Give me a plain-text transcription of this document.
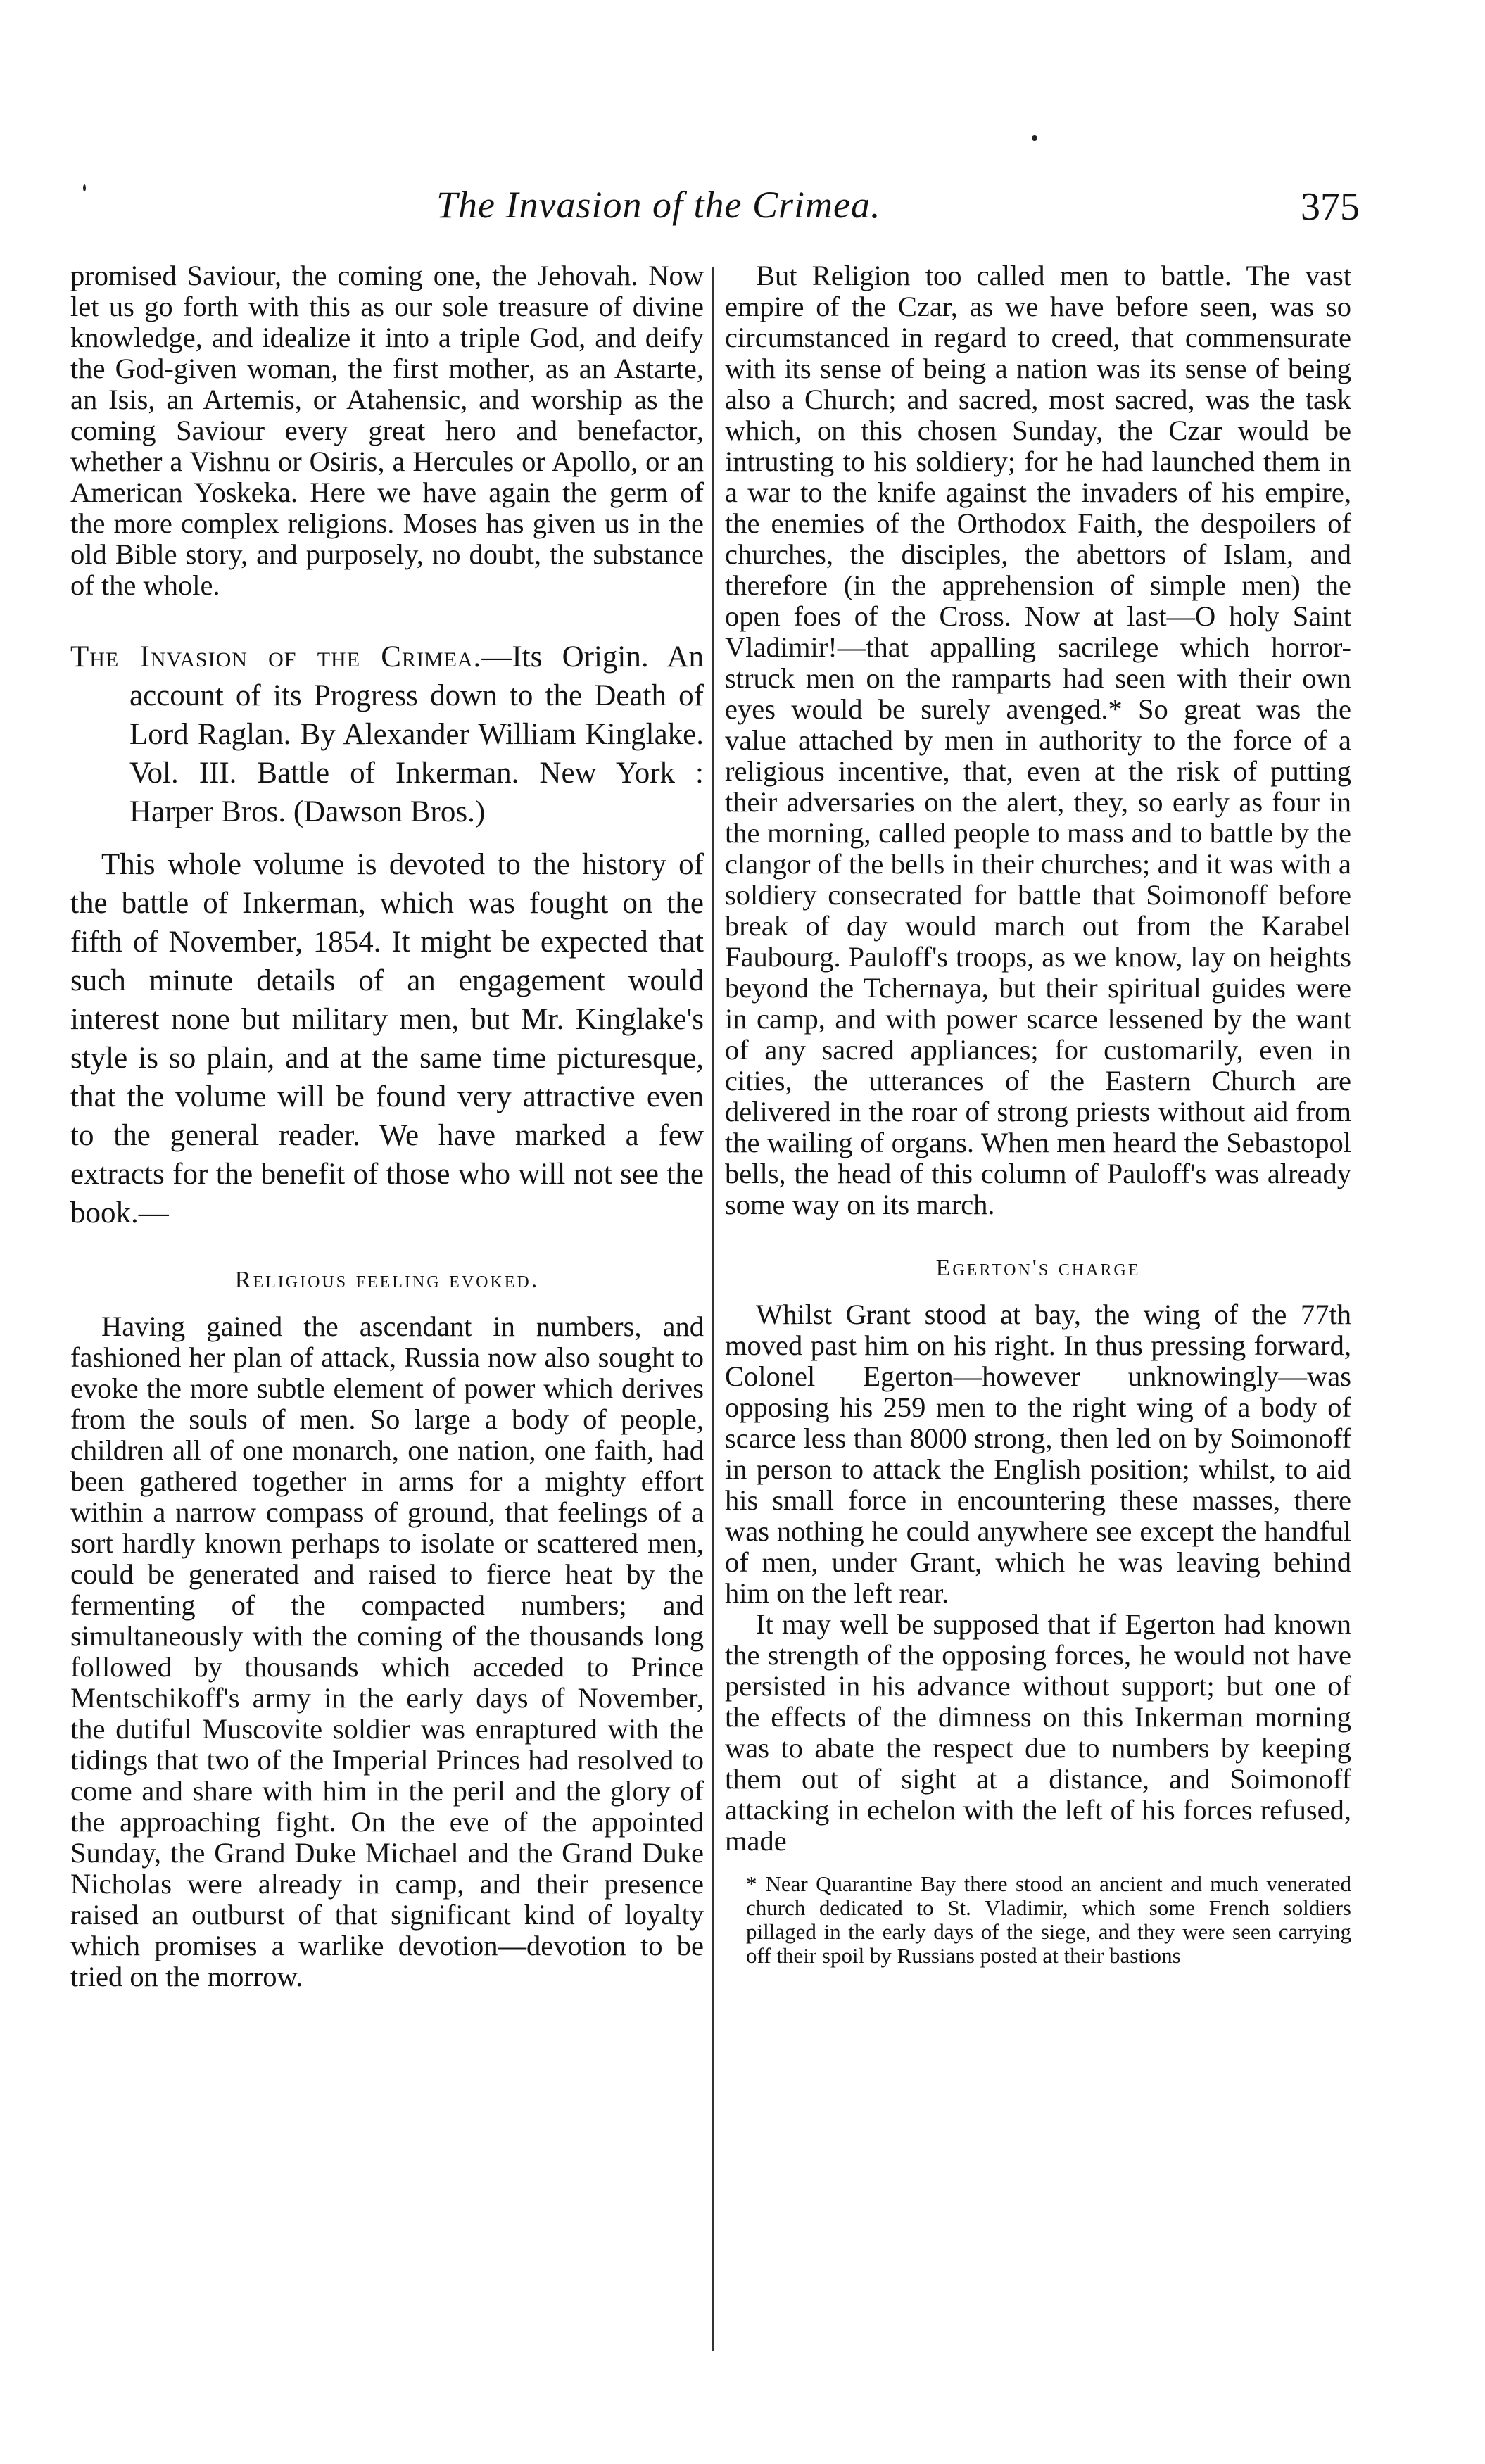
The Invasion of the Crimea.	375

promised Saviour, the coming one, the Jehovah. Now let us go forth with this as our sole treasure of divine knowledge, and idealize it into a triple God, and deify the God-given woman, the first mother, as an Astarte, an Isis, an Artemis, or Atahensic, and worship as the coming Saviour every great hero and benefactor, whether a Vishnu or Osiris, a Hercules or Apollo, or an American Yoskeka. Here we have again the germ of the more complex religions. Moses has given us in the old Bible story, and purposely, no doubt, the substance of the whole.

The Invasion of the Crimea.—Its Origin. An account of its Progress down to the Death of Lord Raglan. By Alexander William Kinglake. Vol. III. Battle of Inkerman. New York : Harper Bros. (Dawson Bros.)

This whole volume is devoted to the history of the battle of Inkerman, which was fought on the fifth of November, 1854. It might be expected that such minute details of an engagement would interest none but military men, but Mr. Kinglake's style is so plain, and at the same time picturesque, that the volume will be found very attractive even to the general reader. We have marked a few extracts for the benefit of those who will not see the book.—

Religious feeling evoked.

Having gained the ascendant in numbers, and fashioned her plan of attack, Russia now also sought to evoke the more subtle element of power which derives from the souls of men. So large a body of people, children all of one monarch, one nation, one faith, had been gathered together in arms for a mighty effort within a narrow compass of ground, that feelings of a sort hardly known perhaps to isolate or scattered men, could be generated and raised to fierce heat by the fermenting of the compacted numbers; and simultaneously with the coming of the thousands long followed by thousands which acceded to Prince Mentschikoff's army in the early days of November, the dutiful Muscovite soldier was enraptured with the tidings that two of the Imperial Princes had resolved to come and share with him in the peril and the glory of the approaching fight. On the eve of the appointed Sunday, the Grand Duke Michael and the Grand Duke Nicholas were already in camp, and their presence raised an outburst of that significant kind of loyalty which promises a warlike devotion—devotion to be tried on the morrow.

But Religion too called men to battle. The vast empire of the Czar, as we have before seen, was so circumstanced in regard to creed, that commensurate with its sense of being a nation was its sense of being also a Church; and sacred, most sacred, was the task which, on this chosen Sunday, the Czar would be intrusting to his soldiery; for he had launched them in a war to the knife against the invaders of his empire, the enemies of the Orthodox Faith, the despoilers of churches, the disciples, the abettors of Islam, and therefore (in the apprehension of simple men) the open foes of the Cross. Now at last—O holy Saint Vladimir!—that appalling sacrilege which horror-struck men on the ramparts had seen with their own eyes would be surely avenged.* So great was the value attached by men in authority to the force of a religious incentive, that, even at the risk of putting their adversaries on the alert, they, so early as four in the morning, called people to mass and to battle by the clangor of the bells in their churches; and it was with a soldiery consecrated for battle that Soimonoff before break of day would march out from the Karabel Faubourg. Pauloff's troops, as we know, lay on heights beyond the Tchernaya, but their spiritual guides were in camp, and with power scarce lessened by the want of any sacred appliances; for customarily, even in cities, the utterances of the Eastern Church are delivered in the roar of strong priests without aid from the wailing of organs. When men heard the Sebastopol bells, the head of this column of Pauloff's was already some way on its march.

Egerton's charge

Whilst Grant stood at bay, the wing of the 77th moved past him on his right. In thus pressing forward, Colonel Egerton—however unknowingly—was opposing his 259 men to the right wing of a body of scarce less than 8000 strong, then led on by Soimonoff in person to attack the English position; whilst, to aid his small force in encountering these masses, there was nothing he could anywhere see except the handful of men, under Grant, which he was leaving behind him on the left rear.

It may well be supposed that if Egerton had known the strength of the opposing forces, he would not have persisted in his advance without support; but one of the effects of the dimness on this Inkerman morning was to abate the respect due to numbers by keeping them out of sight at a distance, and Soimonoff attacking in echelon with the left of his forces refused, made

* Near Quarantine Bay there stood an ancient and much venerated church dedicated to St. Vladimir, which some French soldiers pillaged in the early days of the siege, and they were seen carrying off their spoil by Russians posted at their bastions
